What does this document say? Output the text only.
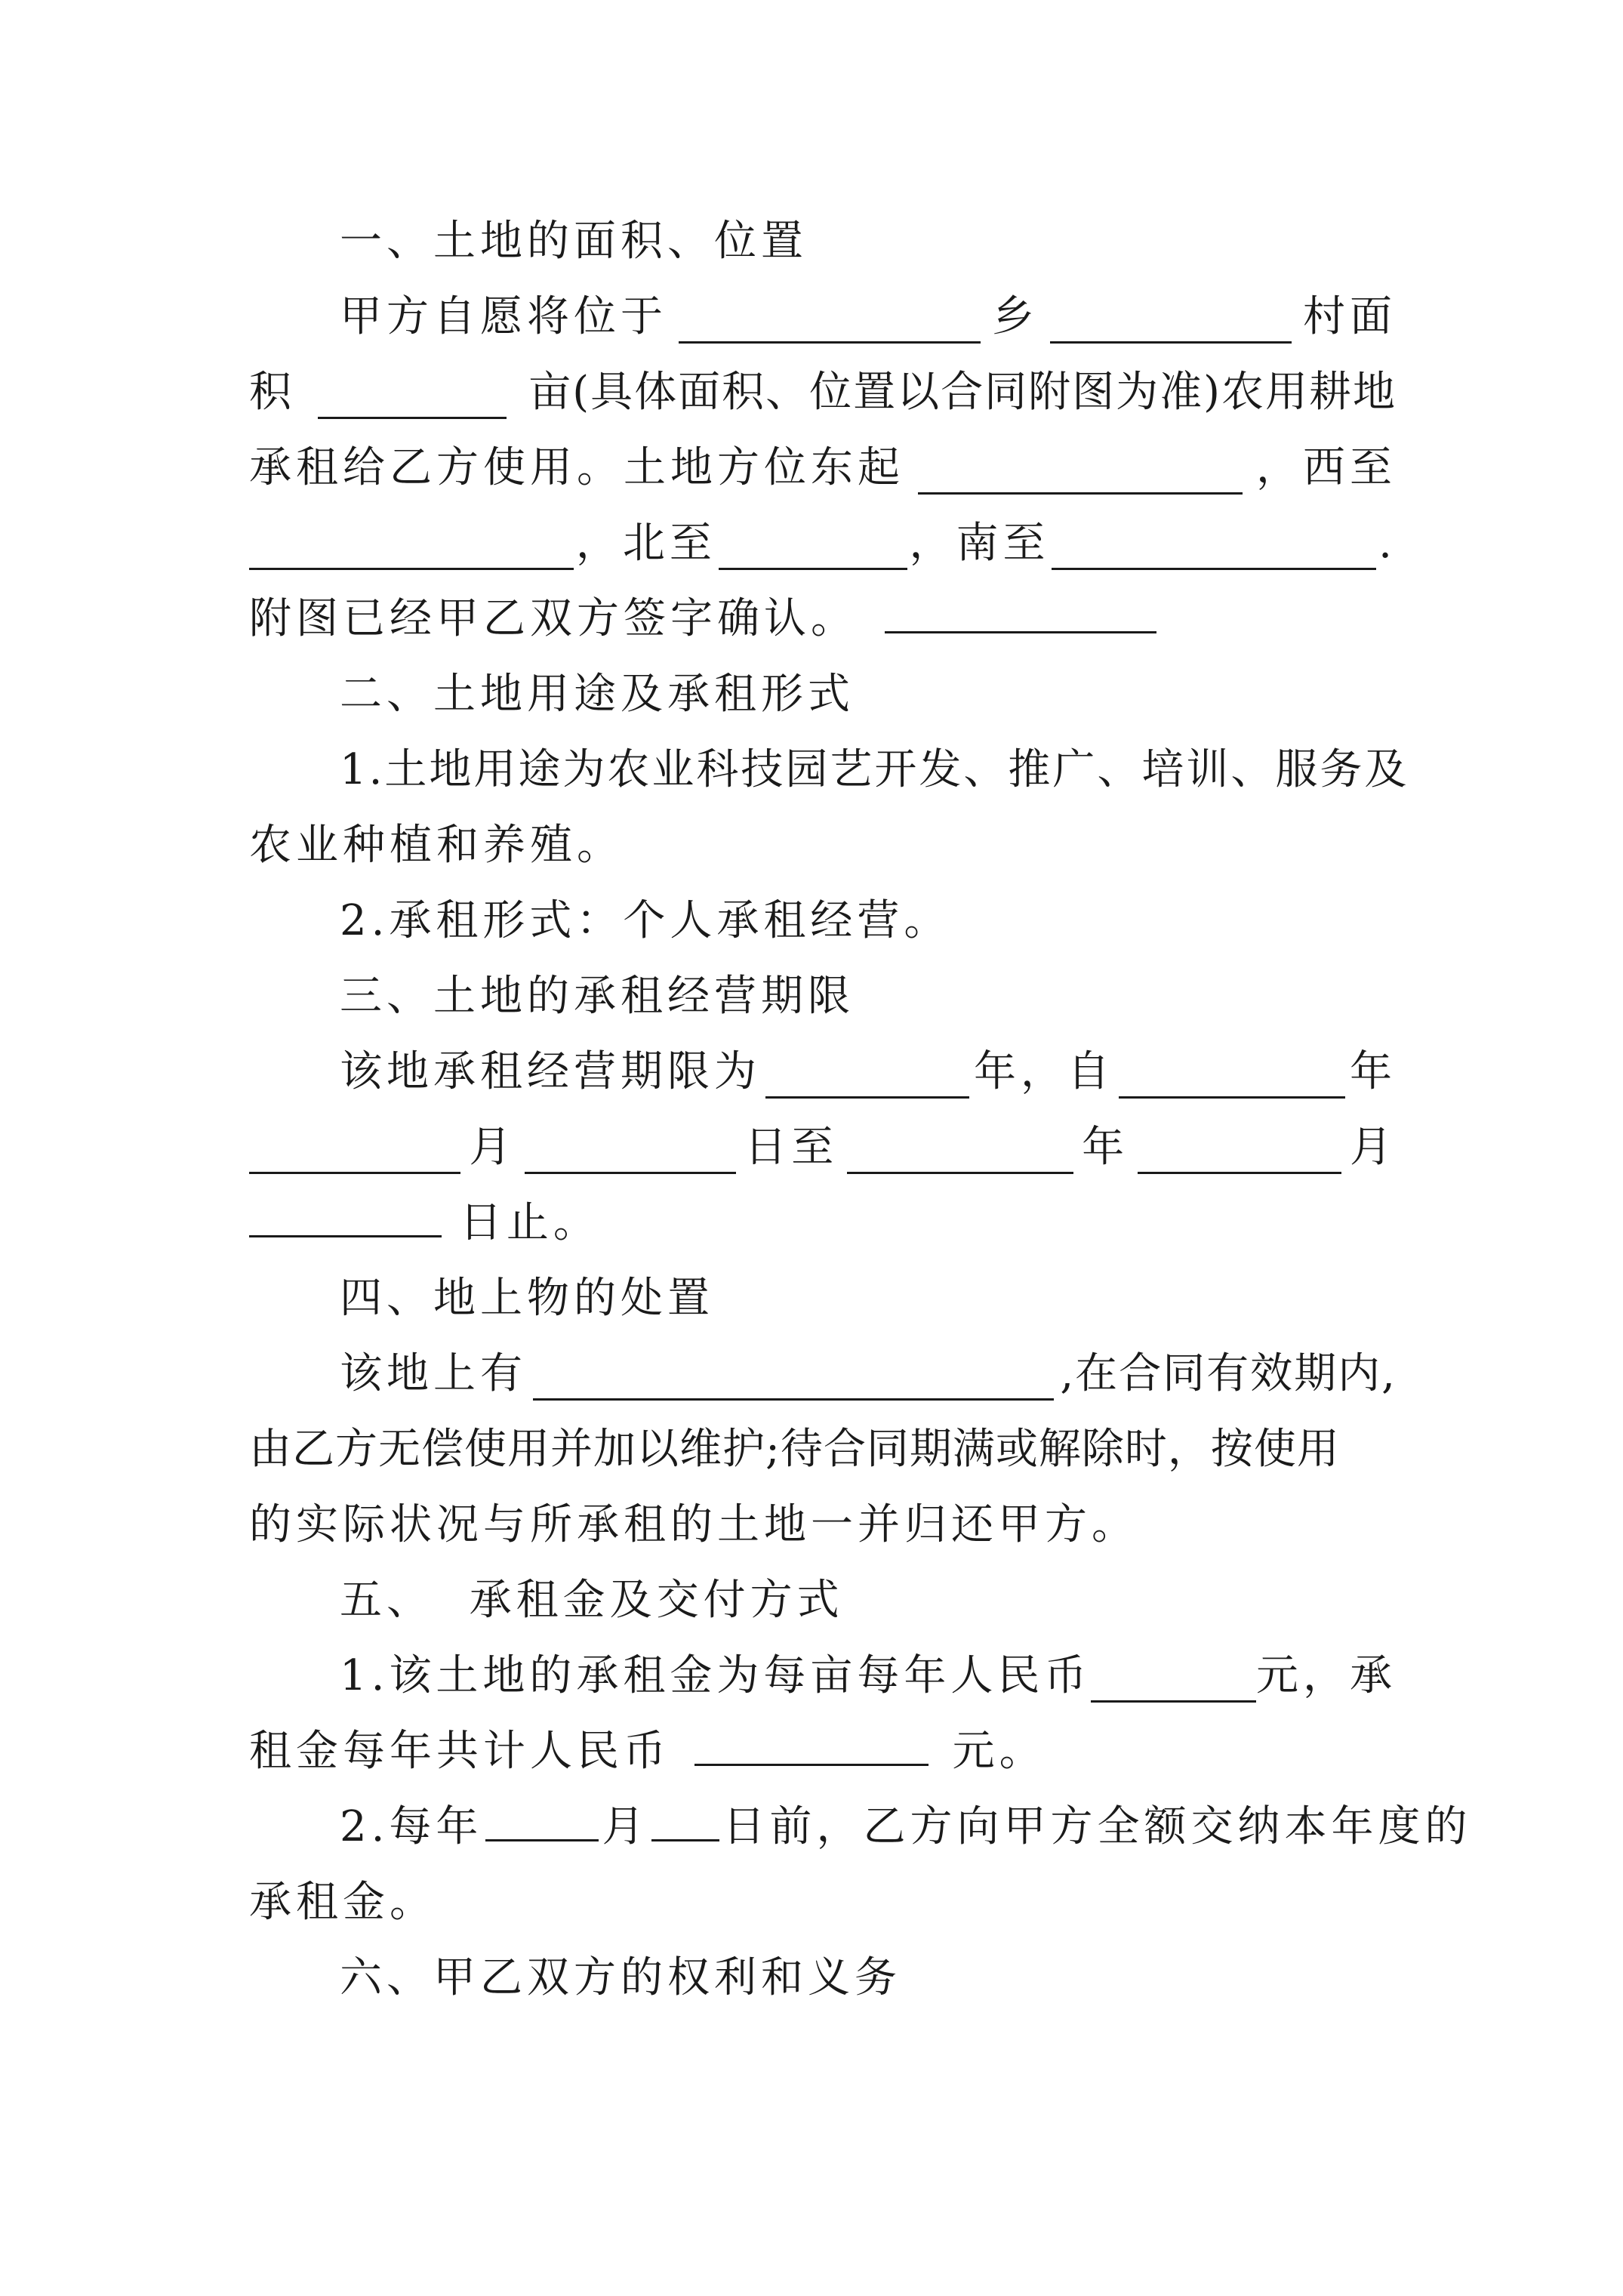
一、土地的面积、位置
甲方自愿将位于	乡	村面
积	亩(具体面积、位置以合同附图为准)农用耕地
承租给乙方使用。土地方位东起	，西至
，北至	，南至	.
附图已经甲乙双方签字确认。
二、土地用途及承租形式
1.土地用途为农业科技园艺开发、推广、培训、服务及
农业种植和养殖。
2.承租形式：个人承租经营。
三、土地的承租经营期限
该地承租经营期限为	年，自	年
月	日至	年	月
日止。
四、地上物的处置
该地上有	,在合同有效期内,
由乙方无偿使用并加以维护;待合同期满或解除时，按使用
的实际状况与所承租的土地一并归还甲方。
五、  承租金及交付方式
1.该土地的承租金为每亩每年人民币	元，承
租金每年共计人民币	元。
2.每年	月 日前，乙方向甲方全额交纳本年度的
承租金。
六、甲乙双方的权利和义务
